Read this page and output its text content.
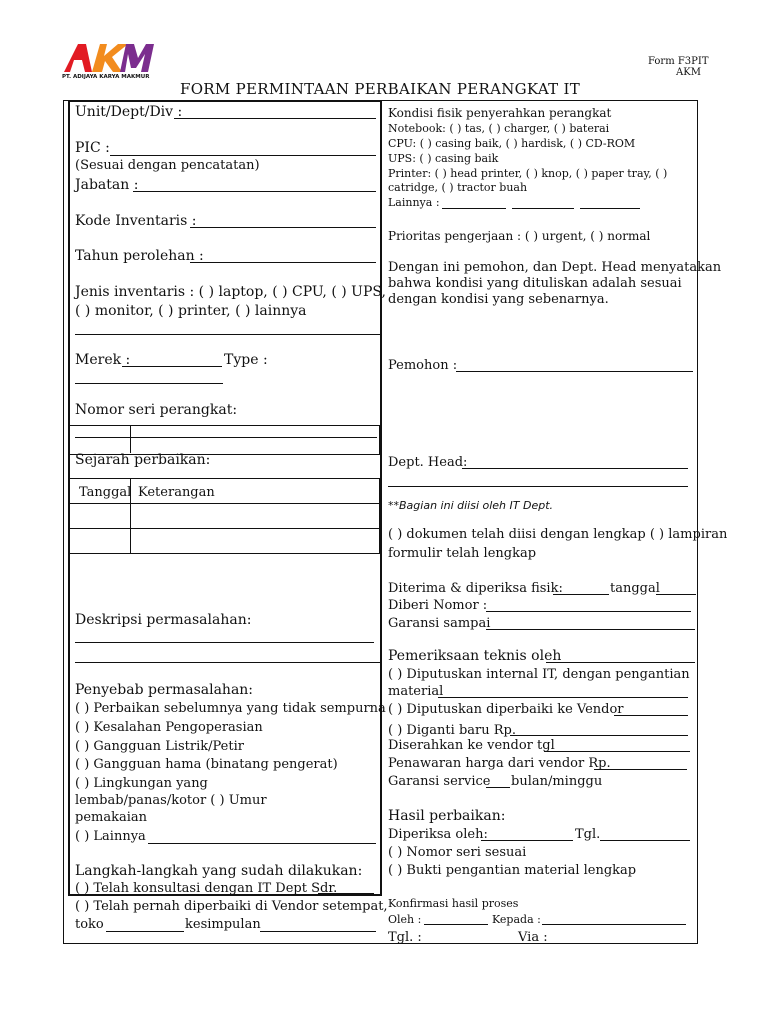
PT. ADIJAYA KARYA MAKMUR
Form F3PIT
AKM
FORM PERMINTAAN PERBAIKAN PERANGKAT IT
Unit/Dept/Div :
PIC :
(Sesuai dengan pencatatan)
Jabatan :
Kode Inventaris :
Tahun perolehan :
Jenis inventaris : ( ) laptop, ( ) CPU, ( ) UPS,
( ) monitor, ( ) printer, ( ) lainnya
Merek :	Type :
Nomor seri perangkat:
Sejarah perbaikan:
Tanggal Keterangan
Deskripsi permasalahan:
Penyebab permasalahan:
( ) Perbaikan sebelumnya yang tidak sempurna
( ) Kesalahan Pengoperasian
( ) Gangguan Listrik/Petir
( ) Gangguan hama (binatang pengerat)
( ) Lingkungan yang
lembab/panas/kotor ( ) Umur
pemakaian
( ) Lainnya
Langkah-langkah yang sudah dilakukan:
( ) Telah konsultasi dengan IT Dept Sdr.
( ) Telah pernah diperbaiki di Vendor setempat,
toko	kesimpulan
Kondisi fisik penyerahkan perangkat
Notebook: ( ) tas, ( ) charger, ( ) baterai
CPU: ( ) casing baik, ( ) hardisk, ( ) CD-ROM
UPS: ( ) casing baik
Printer: ( ) head printer, ( ) knop, ( ) paper tray, ( )
catridge, ( ) tractor buah
Lainnya :
Prioritas pengerjaan : ( ) urgent, ( ) normal
Dengan ini pemohon, dan Dept. Head menyatakan
bahwa kondisi yang dituliskan adalah sesuai
dengan kondisi yang sebenarnya.
Pemohon :
Dept. Head:
**Bagian ini diisi oleh IT Dept.
( ) dokumen telah diisi dengan lengkap ( ) lampiran
formulir telah lengkap
Diterima & diperiksa fisik:	tanggal
Diberi Nomor :
Garansi sampai
Pemeriksaan teknis oleh
( ) Diputuskan internal IT, dengan pengantian
material
( ) Diputuskan diperbaiki ke Vendor
( ) Diganti baru Rp.
Diserahkan ke vendor tgl
Penawaran harga dari vendor Rp.
Garansi service bulan/minggu
Hasil perbaikan:
Diperiksa oleh:	Tgl.
( ) Nomor seri sesuai
( ) Bukti pengantian material lengkap
Konfirmasi hasil proses
Oleh :	Kepada :
Tgl. :	Via :
